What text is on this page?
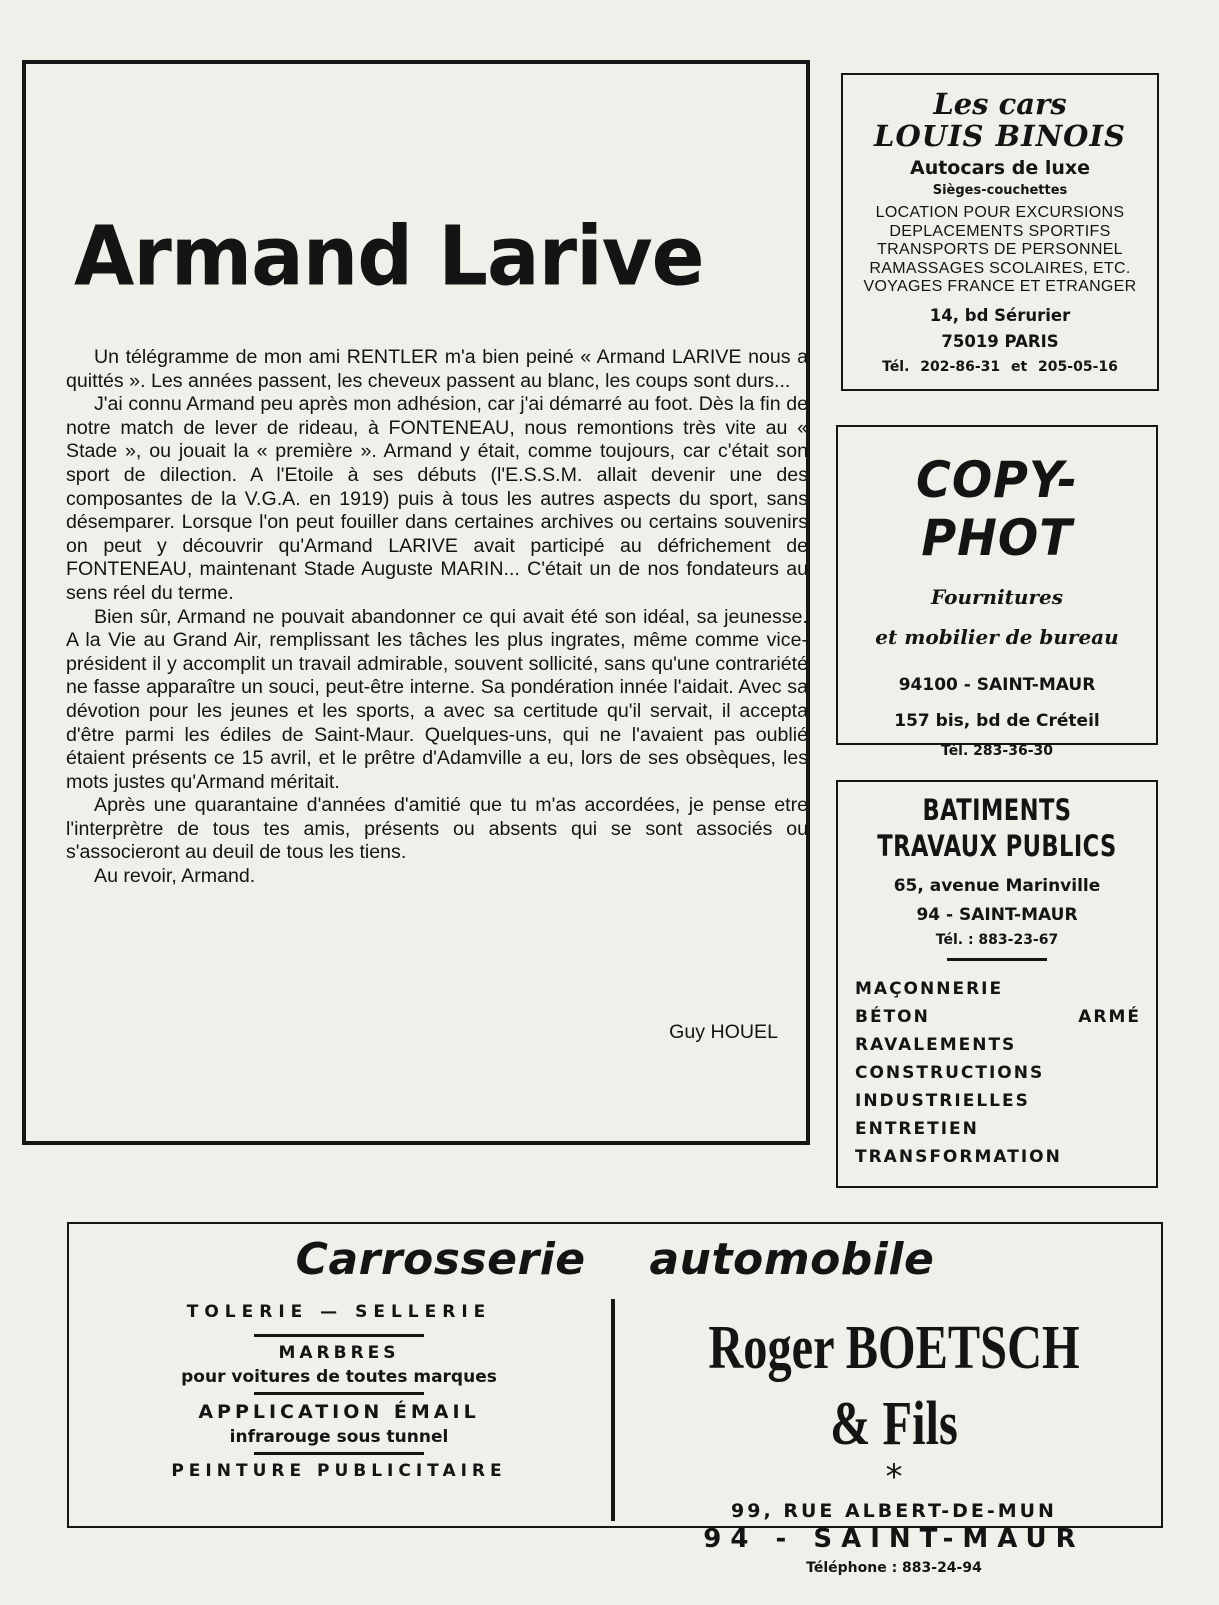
Armand Larive

Un télégramme de mon ami RENTLER m'a bien peiné « Armand LARIVE nous a quittés ». Les années passent, les cheveux passent au blanc, les coups sont durs...

J'ai connu Armand peu après mon adhésion, car j'ai démarré au foot. Dès la fin de notre match de lever de rideau, à FONTENEAU, nous remontions très vite au « Stade », ou jouait la « première ». Armand y était, comme toujours, car c'était son sport de dilection. A l'Etoile à ses débuts (l'E.S.S.M. allait devenir une des composantes de la V.G.A. en 1919) puis à tous les autres aspects du sport, sans désemparer. Lorsque l'on peut fouiller dans certaines archives ou certains souvenirs on peut y découvrir qu'Armand LARIVE avait participé au défrichement de FONTENEAU, maintenant Stade Auguste MARIN... C'était un de nos fondateurs au sens réel du terme.

Bien sûr, Armand ne pouvait abandonner ce qui avait été son idéal, sa jeunesse. A la Vie au Grand Air, remplissant les tâches les plus ingrates, même comme vice-président il y accomplit un travail admirable, souvent sollicité, sans qu'une contrariété ne fasse apparaître un souci, peut-être interne. Sa pondération innée l'aidait. Avec sa dévotion pour les jeunes et les sports, a avec sa certitude qu'il servait, il accepta d'être parmi les édiles de Saint-Maur. Quelques-uns, qui ne l'avaient pas oublié étaient présents ce 15 avril, et le prêtre d'Adamville a eu, lors de ses obsèques, les mots justes qu'Armand méritait.

Après une quarantaine d'années d'amitié que tu m'as accordées, je pense etre l'interprètre de tous tes amis, présents ou absents qui se sont associés ou s'associeront au deuil de tous les tiens.

Au revoir, Armand.

Guy HOUEL
Les cars
LOUIS BINOIS
Autocars de luxe
Sièges-couchettes
LOCATION POUR EXCURSIONS
DEPLACEMENTS SPORTIFS
TRANSPORTS DE PERSONNEL
RAMASSAGES SCOLAIRES, ETC.
VOYAGES FRANCE ET ETRANGER
14, bd Sérurier
75019 PARIS
Tél. 202-86-31 et 205-05-16
COPY-PHOT
Fournitures
et mobilier de bureau
94100 - SAINT-MAUR
157 bis, bd de Créteil
Tél. 283-36-30
BATIMENTS
TRAVAUX PUBLICS
65, avenue Marinville
94 - SAINT-MAUR
Tél. : 883-23-67
MAÇONNERIE
BÉTON ARMÉ
RAVALEMENTS
CONSTRUCTIONS
INDUSTRIELLES
ENTRETIEN
TRANSFORMATION
Carrosserie automobile
TOLERIE — SELLERIE
MARBRES
pour voitures de toutes marques
APPLICATION ÉMAIL
infrarouge sous tunnel
PEINTURE PUBLICITAIRE
Roger BOETSCH & Fils
*
99, RUE ALBERT-DE-MUN
94 - SAINT-MAUR
Téléphone : 883-24-94
